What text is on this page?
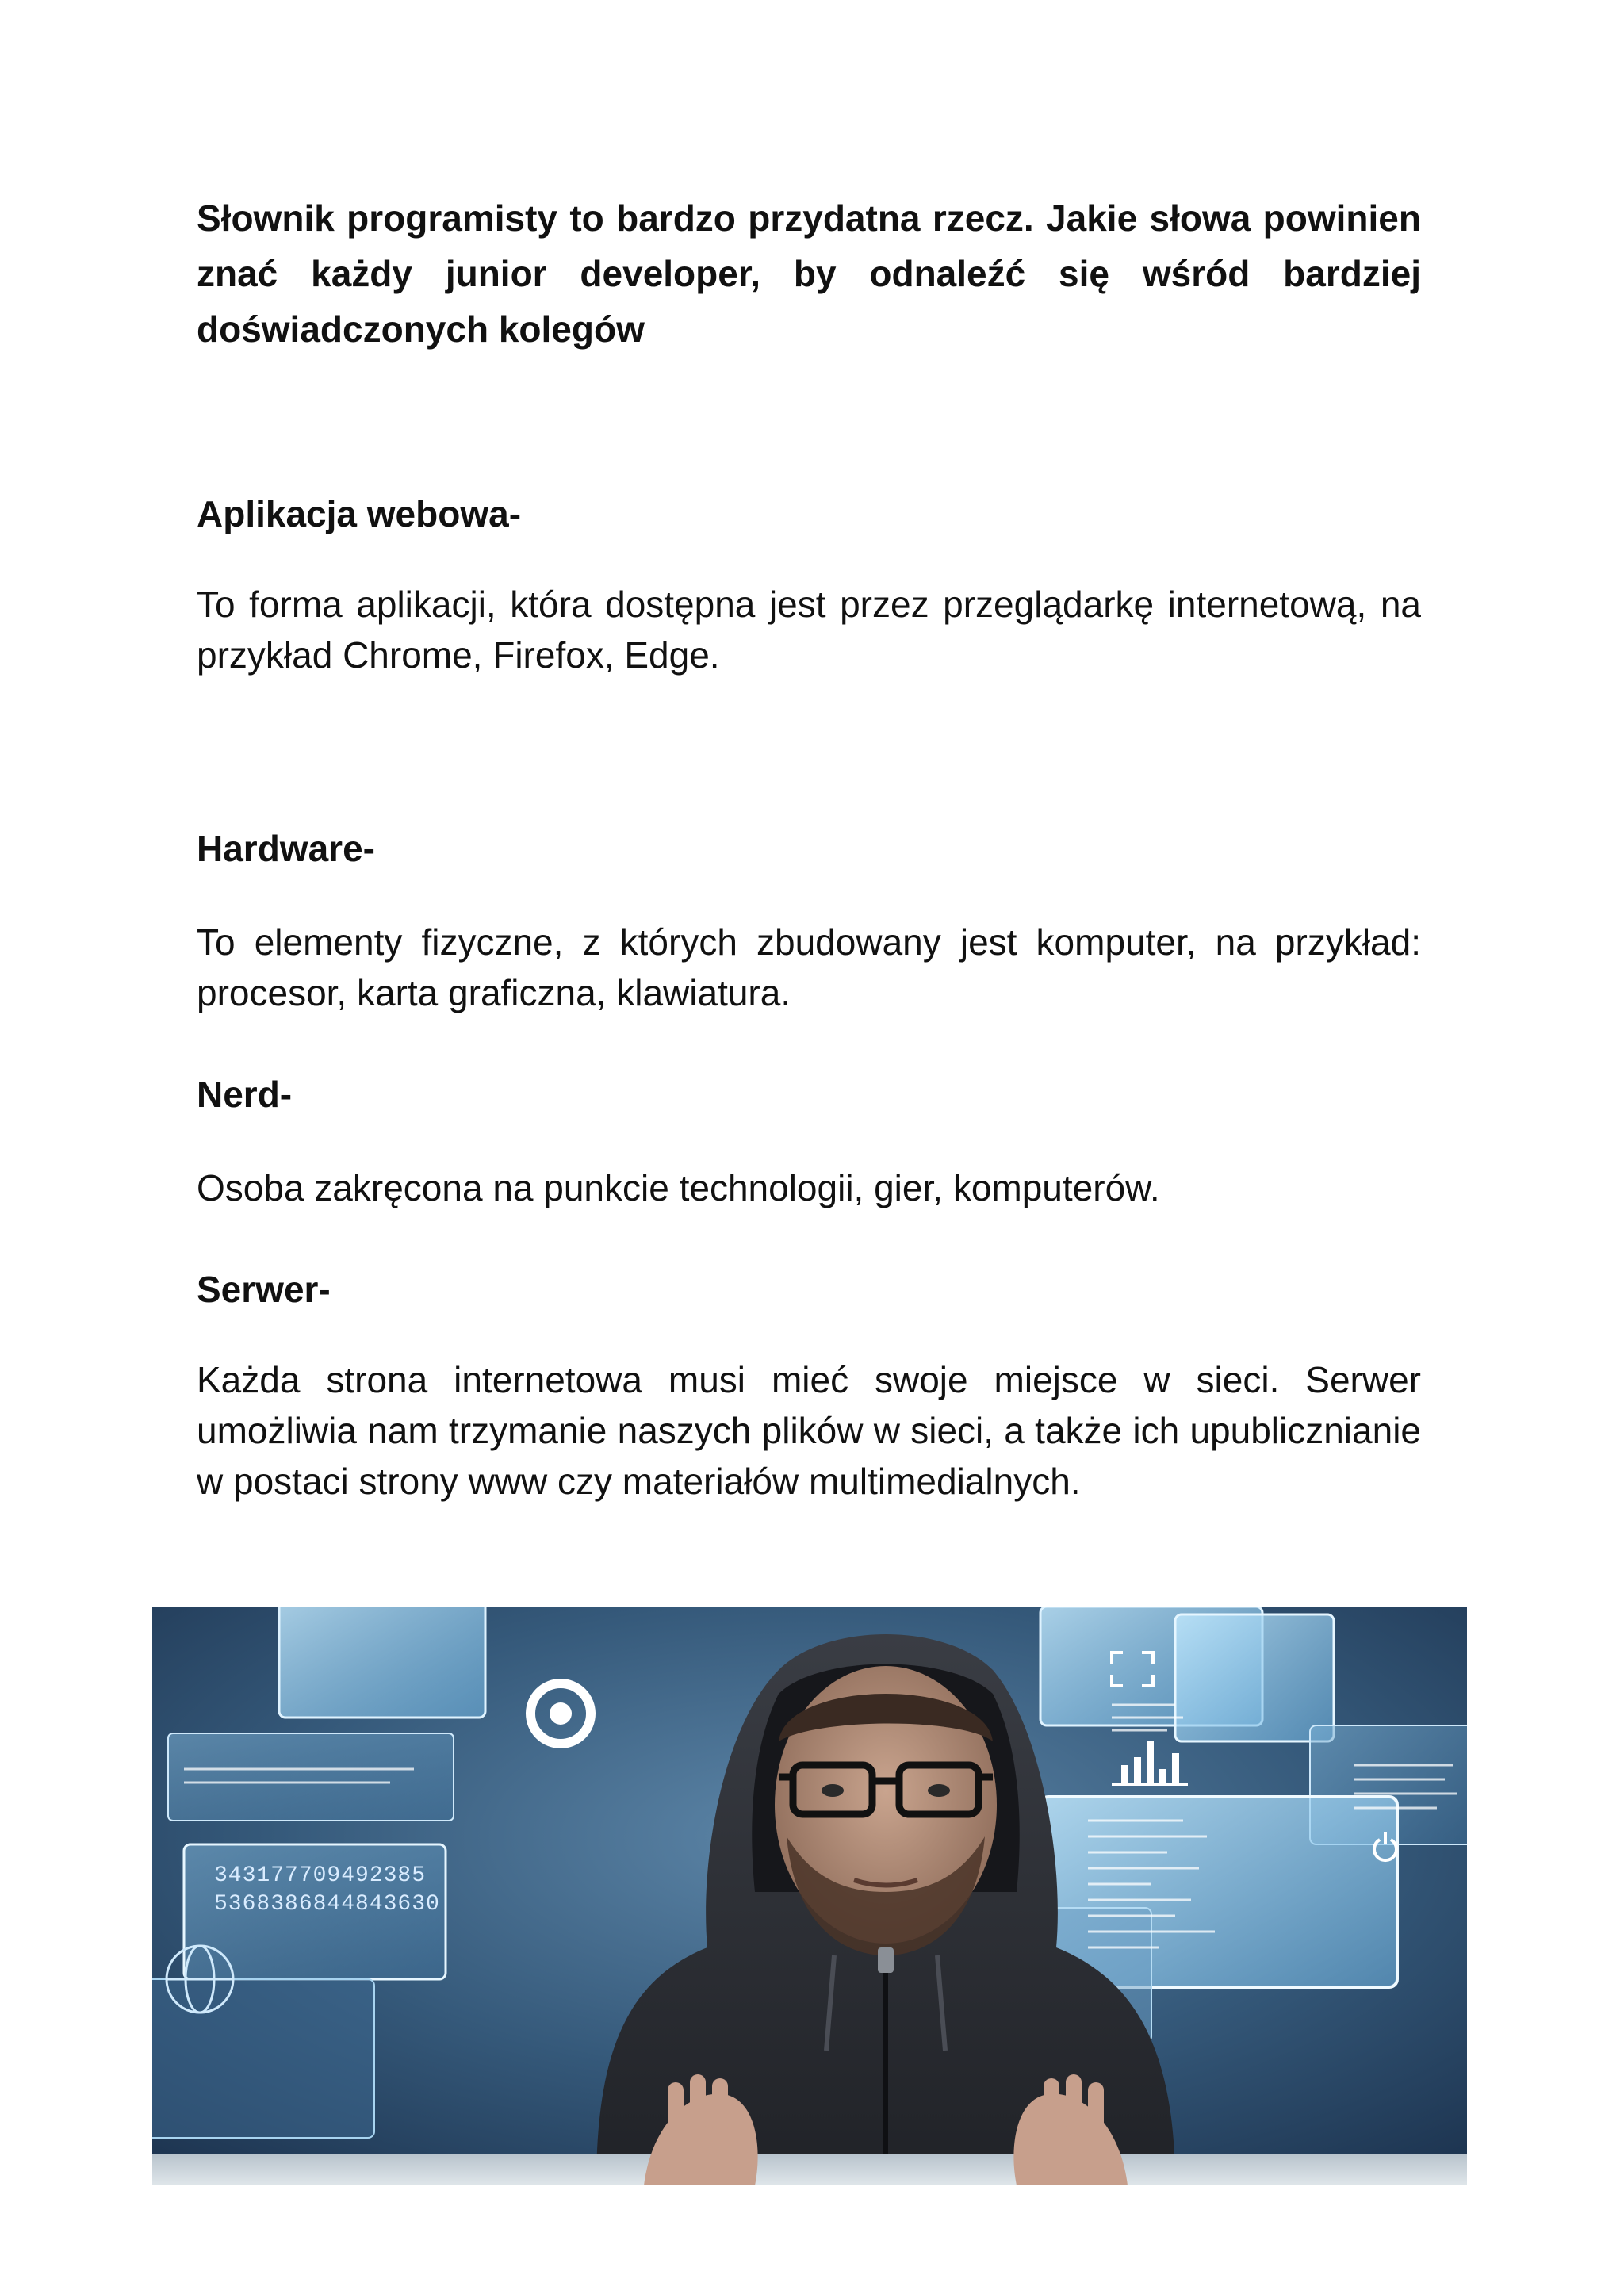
Słownik programisty to bardzo przydatna rzecz. Jakie słowa powinien znać każdy junior developer, by odnaleźć się wśród bardziej doświadczonych kolegów

Aplikacja webowa-

To forma aplikacji, która dostępna jest przez przeglądarkę internetową, na przykład Chrome, Firefox, Edge.

Hardware-

To elementy fizyczne, z których zbudowany jest komputer, na przykład: procesor, karta graficzna, klawiatura.

Nerd-

Osoba zakręcona na punkcie technologii, gier, komputerów.

Serwer-

Każda strona internetowa musi mieć swoje miejsce w sieci. Serwer umożliwia nam trzymanie naszych plików w sieci, a także ich upublicznianie w postaci strony www czy materiałów multimedialnych.

343177709492385
5368386844843630
